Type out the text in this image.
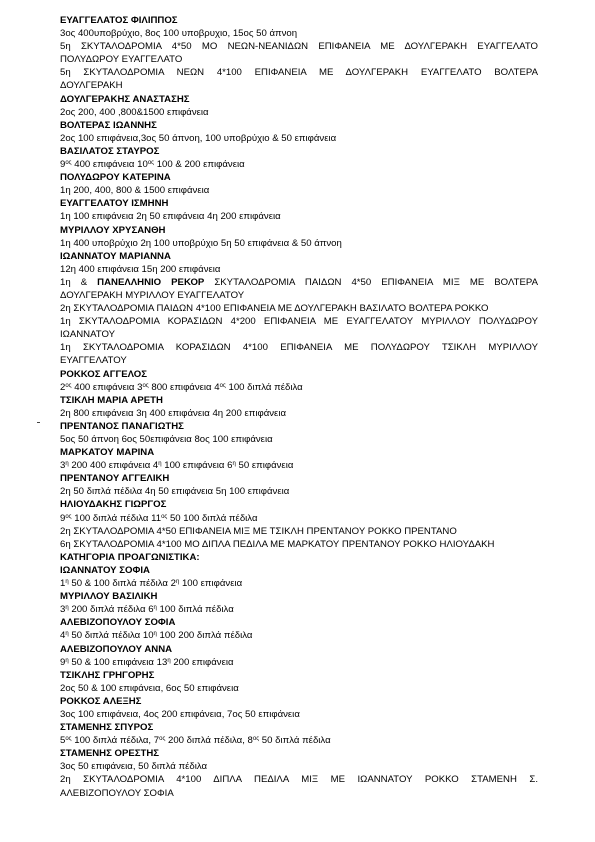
ΕΥΑΓΓΕΛΑΤΟΣ ΦΙΛΙΠΠΟΣ
3ος 400υποβρύχιο, 8ος 100 υποβρυχιο, 15ος 50 άπνοη
5η ΣΚΥΤΑΛΟΔΡΟΜΙΑ 4*50 ΜΟ ΝΕΩΝ-ΝΕΑΝΙΔΩΝ ΕΠΙΦΑΝΕΙΑ ΜΕ ΔΟΥΛΓΕΡΑΚΗ ΕΥΑΓΓΕΛΑΤΟ
ΠΟΛΥΔΩΡΟΥ ΕΥΑΓΓΕΛΑΤΟ
5η ΣΚΥΤΑΛΟΔΡΟΜΙΑ ΝΕΩΝ 4*100 ΕΠΙΦΑΝΕΙΑ ΜΕ ΔΟΥΛΓΕΡΑΚΗ ΕΥΑΓΓΕΛΑΤΟ ΒΟΛΤΕΡΑ
ΔΟΥΛΓΕΡΑΚΗ
ΔΟΥΛΓΕΡΑΚΗΣ ΑΝΑΣΤΑΣΗΣ
2ος 200, 400 ,800&1500 επιφάνεια
ΒΟΛΤΕΡΑΣ ΙΩΑΝΝΗΣ
2ος 100 επιφάνεια,3ος 50 άπνοη, 100 υποβρύχιο & 50 επιφάνεια
ΒΑΣΙΛΑΤΟΣ ΣΤΑΥΡΟΣ
$9^{o\varsigma}$ 400 επιφάνεια $10^{o\varsigma}$ 100 & 200 επιφάνεια
ΠΟΛΥΔΩΡΟΥ ΚΑΤΕΡΙΝΑ
1η 200, 400, 800 & 1500 επιφάνεια
ΕΥΑΓΓΕΛΑΤΟΥ ΙΣΜΗΝΗ
1η 100 επιφάνεια 2η 50 επιφάνεια 4η 200 επιφάνεια
ΜΥΡΙΛΛΟΥ ΧΡΥΣΑΝΘΗ
1η 400 υποβρύχιο 2η 100 υποβρύχιο 5η 50 επιφάνεια & 50 άπνοη
ΙΩΑΝΝΑΤΟΥ ΜΑΡΙΑΝΝΑ
12η 400 επιφάνεια 15η 200 επιφάνεια
1η & ΠΑΝΕΛΛΗΝΙΟ ΡΕΚΟΡ ΣΚΥΤΑΛΟΔΡΟΜΙΑ ΠΑΙΔΩΝ 4*50 ΕΠΙΦΑΝΕΙΑ ΜΙΞ ΜΕ ΒΟΛΤΕΡΑ
ΔΟΥΛΓΕΡΑΚΗ ΜΥΡΙΛΛΟΥ ΕΥΑΓΓΕΛΑΤΟΥ
2η ΣΚΥΤΑΛΟΔΡΟΜΙΑ ΠΑΙΔΩΝ 4*100 ΕΠΙΦΑΝΕΙΑ ΜΕ ΔΟΥΛΓΕΡΑΚΗ ΒΑΣΙΛΑΤΟ ΒΟΛΤΕΡΑ ΡΟΚΚΟ
1η ΣΚΥΤΑΛΟΔΡΟΜΙΑ ΚΟΡΑΣΙΔΩΝ 4*200 ΕΠΙΦΑΝΕΙΑ ΜΕ ΕΥΑΓΓΕΛΑΤΟΥ ΜΥΡΙΛΛΟΥ ΠΟΛΥΔΩΡΟΥ
ΙΩΑΝΝΑΤΟΥ
1η ΣΚΥΤΑΛΟΔΡΟΜΙΑ ΚΟΡΑΣΙΔΩΝ 4*100 ΕΠΙΦΑΝΕΙΑ ΜΕ ΠΟΛΥΔΩΡΟΥ ΤΣΙΚΛΗ ΜΥΡΙΛΛΟΥ
ΕΥΑΓΓΕΛΑΤΟΥ
ΡΟΚΚΟΣ ΑΓΓΕΛΟΣ
$2^{o\varsigma}$ 400 επιφάνεια $3^{o\varsigma}$ 800 επιφάνεια $4^{o\varsigma}$ 100 διπλά πέδιλα
ΤΣΙΚΛΗ ΜΑΡΙΑ ΑΡΕΤΗ
2η 800 επιφάνεια 3η 400 επιφάνεια 4η 200 επιφάνεια
ΠΡΕΝΤΑΝΟΣ ΠΑΝΑΓΙΩΤΗΣ
5ος 50 άπνοη 6ος 50επιφάνεια 8ος 100 επιφάνεια
ΜΑΡΚΑΤΟΥ ΜΑΡΙΝΑ
$3^\eta$ 200 400 επιφάνεια $4^\eta$ 100 επιφάνεια $6^\eta$ 50 επιφάνεια
ΠΡΕΝΤΑΝΟΥ ΑΓΓΕΛΙΚΗ
2η 50 διπλά πέδιλα 4η 50 επιφάνεια 5η 100 επιφάνεια
ΗΛΙΟΥΔΑΚΗΣ ΓΙΩΡΓΟΣ
$9^{o\varsigma}$ 100 διπλά πέδιλα $11^{o\varsigma}$ 50 100 διπλά πέδιλα
2η ΣΚΥΤΑΛΟΔΡΟΜΙΑ 4*50 ΕΠΙΦΑΝΕΙΑ ΜΙΞ ΜΕ ΤΣΙΚΛΗ ΠΡΕΝΤΑΝΟΥ ΡΟΚΚΟ ΠΡΕΝΤΑΝΟ
6η ΣΚΥΤΑΛΟΔΡΟΜΙΑ 4*100 ΜΟ ΔΙΠΛΑ ΠΕΔΙΛΑ ΜΕ ΜΑΡΚΑΤΟΥ ΠΡΕΝΤΑΝΟΥ ΡΟΚΚΟ ΗΛΙΟΥΔΑΚΗ
ΚΑΤΗΓΟΡΙΑ ΠΡΟΑΓΩΝΙΣΤΙΚΑ:
ΙΩΑΝΝΑΤΟΥ ΣΟΦΙΑ
$1^\eta$ 50 & 100 διπλά πέδιλα $2^\eta$ 100 επιφάνεια
ΜΥΡΙΛΛΟΥ ΒΑΣΙΛΙΚΗ
$3^\eta$ 200 διπλά πέδιλα $6^\eta$ 100 διπλά πέδιλα
ΑΛΕΒΙΖΟΠΟΥΛΟΥ ΣΟΦΙΑ
$4^\eta$ 50 διπλά πέδιλα $10^\eta$ 100 200 διπλά πέδιλα
ΑΛΕΒΙΖΟΠΟΥΛΟΥ ΑΝΝΑ
$9^\eta$ 50 & 100 επιφάνεια $13^\eta$ 200 επιφάνεια
ΤΣΙΚΛΗΣ ΓΡΗΓΟΡΗΣ
2ος 50 & 100 επιφάνεια, 6ος 50 επιφάνεια
ΡΟΚΚΟΣ ΑΛΕΞΗΣ
3ος 100 επιφάνεια, 4ος 200 επιφάνεια, 7ος 50 επιφάνεια
ΣΤΑΜΕΝΗΣ ΣΠΥΡΟΣ
$5^{o\varsigma}$ 100 διπλά πέδιλα, $7^{o\varsigma}$ 200 διπλά πέδιλα, $8^{o\varsigma}$ 50 διπλά πέδιλα
ΣΤΑΜΕΝΗΣ ΟΡΕΣΤΗΣ
3ος 50 επιφάνεια, 50 διπλά πέδιλα
2η ΣΚΥΤΑΛΟΔΡΟΜΙΑ 4*100 ΔΙΠΛΑ ΠΕΔΙΛΑ ΜΙΞ ΜΕ ΙΩΑΝΝΑΤΟΥ ΡΟΚΚΟ ΣΤΑΜΕΝΗ Σ.
ΑΛΕΒΙΖΟΠΟΥΛΟΥ ΣΟΦΙΑ
